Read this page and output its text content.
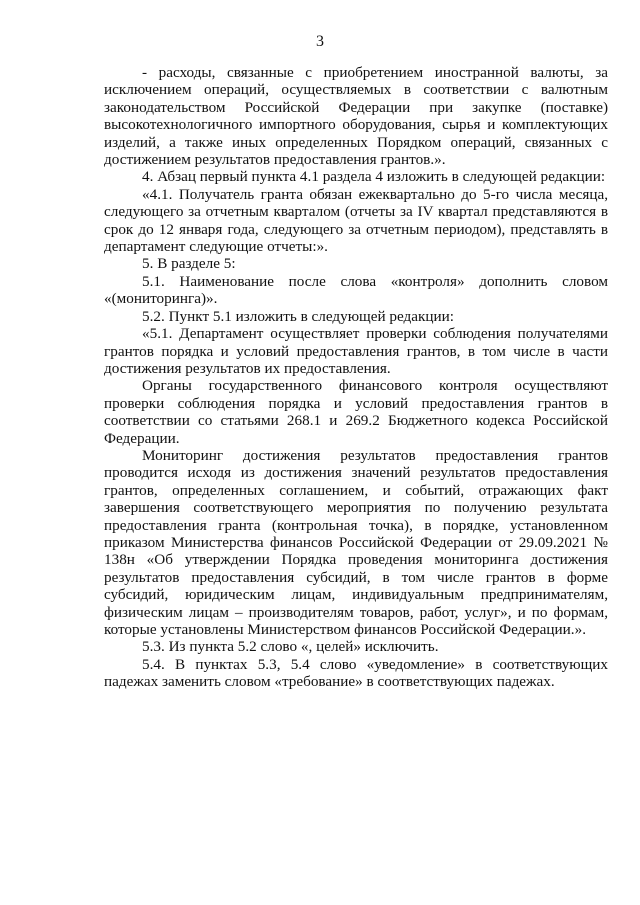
3

- расходы, связанные с приобретением иностранной валюты, за исключением операций, осуществляемых в соответствии с валютным законодательством Российской Федерации при закупке (поставке) высокотехнологичного импортного оборудования, сырья и комплектующих изделий, а также иных определенных Порядком операций, связанных с достижением результатов предоставления грантов.».

4. Абзац первый пункта 4.1 раздела 4 изложить в следующей редакции:

«4.1. Получатель гранта обязан ежеквартально до 5-го числа месяца, следующего за отчетным кварталом (отчеты за IV квартал представляются в срок до 12 января года, следующего за отчетным периодом), представлять в департамент следующие отчеты:».

5. В разделе 5:

5.1. Наименование после слова «контроля» дополнить словом «(мониторинга)».

5.2. Пункт 5.1 изложить в следующей редакции:

«5.1. Департамент осуществляет проверки соблюдения получателями грантов порядка и условий предоставления грантов, в том числе в части достижения результатов их предоставления.

Органы государственного финансового контроля осуществляют проверки соблюдения порядка и условий предоставления грантов в соответствии со статьями 268.1 и 269.2 Бюджетного кодекса Российской Федерации.

Мониторинг достижения результатов предоставления грантов проводится исходя из достижения значений результатов предоставления грантов, определенных соглашением, и событий, отражающих факт завершения соответствующего мероприятия по получению результата предоставления гранта (контрольная точка), в порядке, установленном приказом Министерства финансов Российской Федерации от 29.09.2021 № 138н «Об утверждении Порядка проведения мониторинга достижения результатов предоставления субсидий, в том числе грантов в форме субсидий, юридическим лицам, индивидуальным предпринимателям, физическим лицам – производителям товаров, работ, услуг», и по формам, которые установлены Министерством финансов Российской Федерации.».

5.3. Из пункта 5.2 слово «, целей» исключить.

5.4. В пунктах 5.3, 5.4 слово «уведомление» в соответствующих падежах заменить словом «требование» в соответствующих падежах.
